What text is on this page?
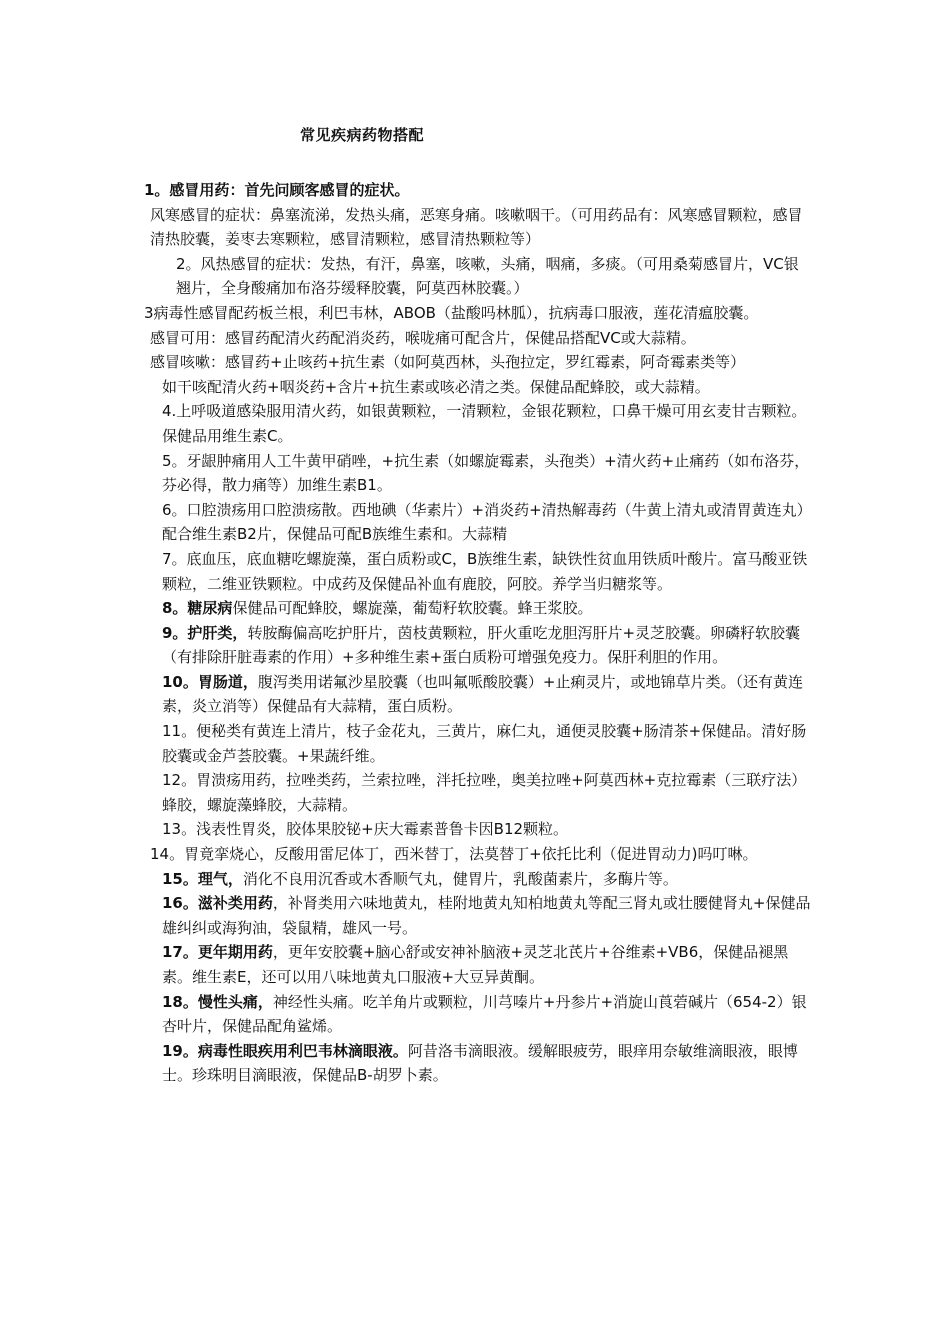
常见疾病药物搭配

1。感冒用药：首先问顾客感冒的症状。

风寒感冒的症状：鼻塞流涕，发热头痛，恶寒身痛。咳嗽咽干。（可用药品有：风寒感冒颗粒，感冒清热胶囊，姜枣去寒颗粒，感冒清颗粒，感冒清热颗粒等）

2。风热感冒的症状：发热，有汗，鼻塞，咳嗽，头痛，咽痛，多痰。（可用桑菊感冒片，VC银翘片，全身酸痛加布洛芬缓释胶囊，阿莫西林胶囊。）

3病毒性感冒配药板兰根，利巴韦林，ABOB（盐酸吗林胍），抗病毒口服液，莲花清瘟胶囊。

感冒可用：感冒药配清火药配消炎药，喉咙痛可配含片，保健品搭配VC或大蒜精。

感冒咳嗽：感冒药+止咳药+抗生素（如阿莫西林，头孢拉定，罗红霉素，阿奇霉素类等）

如干咳配清火药+咽炎药+含片+抗生素或咳必清之类。保健品配蜂胶，或大蒜精。

4.上呼吸道感染服用清火药，如银黄颗粒，一清颗粒，金银花颗粒，口鼻干燥可用玄麦甘吉颗粒。保健品用维生素C。

5。牙龈肿痛用人工牛黄甲硝唑，+抗生素（如螺旋霉素，头孢类）+清火药+止痛药（如布洛芬，芬必得，散力痛等）加维生素B1。

6。口腔溃疡用口腔溃疡散。西地碘（华素片）+消炎药+清热解毒药（牛黄上清丸或清胃黄连丸）配合维生素B2片，保健品可配B族维生素和。大蒜精

7。底血压，底血糖吃螺旋藻，蛋白质粉或C，B族维生素，缺铁性贫血用铁质叶酸片。富马酸亚铁颗粒，二维亚铁颗粒。中成药及保健品补血有鹿胶，阿胶。养学当归糖浆等。

8。糖尿病保健品可配蜂胶，螺旋藻，葡萄籽软胶囊。蜂王浆胶。

9。护肝类，转胺酶偏高吃护肝片，茵枝黄颗粒，肝火重吃龙胆泻肝片+灵芝胶囊。卵磷籽软胶囊（有排除肝脏毒素的作用）+多种维生素+蛋白质粉可增强免疫力。保肝利胆的作用。

10。胃肠道，腹泻类用诺氟沙星胶囊（也叫氟哌酸胶囊）+止痢灵片，或地锦草片类。（还有黄连素，炎立消等）保健品有大蒜精，蛋白质粉。

11。便秘类有黄连上清片，枝子金花丸，三黄片，麻仁丸，通便灵胶囊+肠清茶+保健品。清好肠胶囊或金芦荟胶囊。+果蔬纤维。

12。胃溃疡用药，拉唑类药，兰索拉唑，泮托拉唑，奥美拉唑+阿莫西林+克拉霉素（三联疗法）蜂胶，螺旋藻蜂胶，大蒜精。

13。浅表性胃炎，胶体果胶铋+庆大霉素普鲁卡因B12颗粒。

14。胃竟挛烧心，反酸用雷尼体丁，西米替丁，法莫替丁+依托比利（促进胃动力)吗叮啉。

15。理气，消化不良用沉香或木香顺气丸，健胃片，乳酸菌素片，多酶片等。

16。滋补类用药，补肾类用六味地黄丸，桂附地黄丸知柏地黄丸等配三肾丸或壮腰健肾丸+保健品雄纠纠或海狗油，袋鼠精，雄风一号。

17。更年期用药，更年安胶囊+脑心舒或安神补脑液+灵芝北芪片+谷维素+VB6，保健品褪黑素。维生素E，还可以用八味地黄丸口服液+大豆异黄酮。

18。慢性头痛，神经性头痛。吃羊角片或颗粒，川芎嗪片+丹参片+消旋山莨菪碱片（654-2）银杏叶片，保健品配角鲨烯。

19。病毒性眼疾用利巴韦林滴眼液。阿昔洛韦滴眼液。缓解眼疲劳，眼痒用奈敏维滴眼液，眼博士。珍珠明目滴眼液，保健品B-胡罗卜素。
